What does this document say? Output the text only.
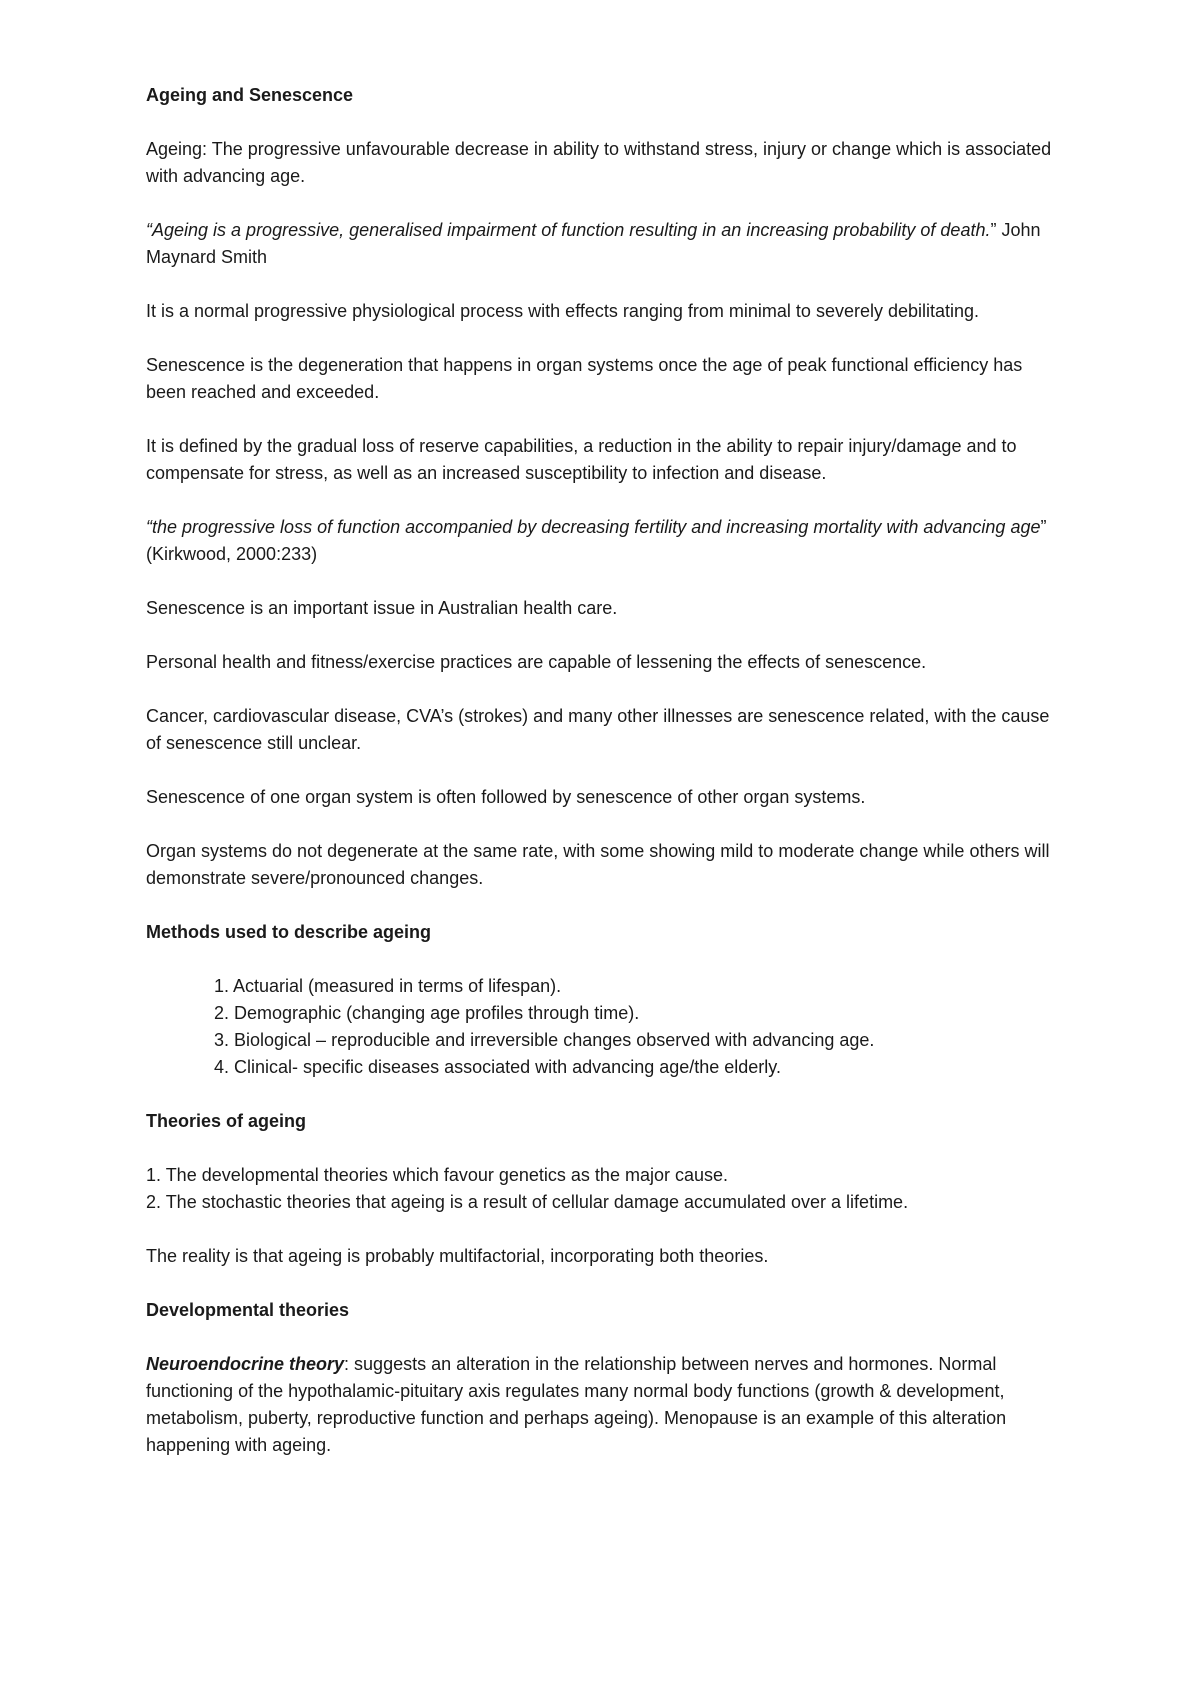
Ageing and Senescence

Ageing: The progressive unfavourable decrease in ability to withstand stress, injury or change which is associated with advancing age.

“Ageing is a progressive, generalised impairment of function resulting in an increasing probability of death.” John Maynard Smith

It is a normal progressive physiological process with effects ranging from minimal to severely debilitating.

Senescence is the degeneration that happens in organ systems once the age of peak functional efficiency has been reached and exceeded.

It is defined by the gradual loss of reserve capabilities, a reduction in the ability to repair injury/damage and to compensate for stress, as well as an increased susceptibility to infection and disease.

“the progressive loss of function accompanied by decreasing fertility and increasing mortality with advancing age” (Kirkwood, 2000:233)

Senescence is an important issue in Australian health care.

Personal health and fitness/exercise practices are capable of lessening the effects of senescence.

Cancer, cardiovascular disease, CVA’s (strokes) and many other illnesses are senescence related, with the cause of senescence still unclear.

Senescence of one organ system is often followed by senescence of other organ systems.

Organ systems do not degenerate at the same rate, with some showing mild to moderate change while others will demonstrate severe/pronounced changes.

Methods used to describe ageing

1. Actuarial (measured in terms of lifespan).
2. Demographic (changing age profiles through time).
3. Biological – reproducible and irreversible changes observed with advancing age.
4. Clinical- specific diseases associated with advancing age/the elderly.

Theories of ageing

1. The developmental theories which favour genetics as the major cause.
2. The stochastic theories that ageing is a result of cellular damage accumulated over a lifetime.

The reality is that ageing is probably multifactorial, incorporating both theories.

Developmental theories

Neuroendocrine theory: suggests an alteration in the relationship between nerves and hormones. Normal functioning of the hypothalamic-pituitary axis regulates many normal body functions (growth & development, metabolism, puberty, reproductive function and perhaps ageing). Menopause is an example of this alteration happening with ageing.
